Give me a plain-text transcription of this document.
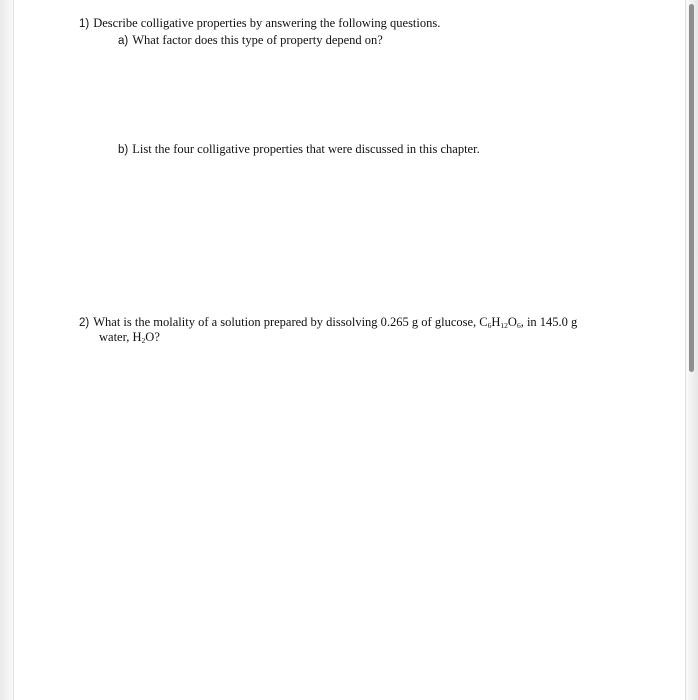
1) Describe colligative properties by answering the following questions.
a) What factor does this type of property depend on?
b) List the four colligative properties that were discussed in this chapter.
2) What is the molality of a solution prepared by dissolving 0.265 g of glucose, $C_6H_{12}O_6$, in 145.0 g
water, $H_2O$?
